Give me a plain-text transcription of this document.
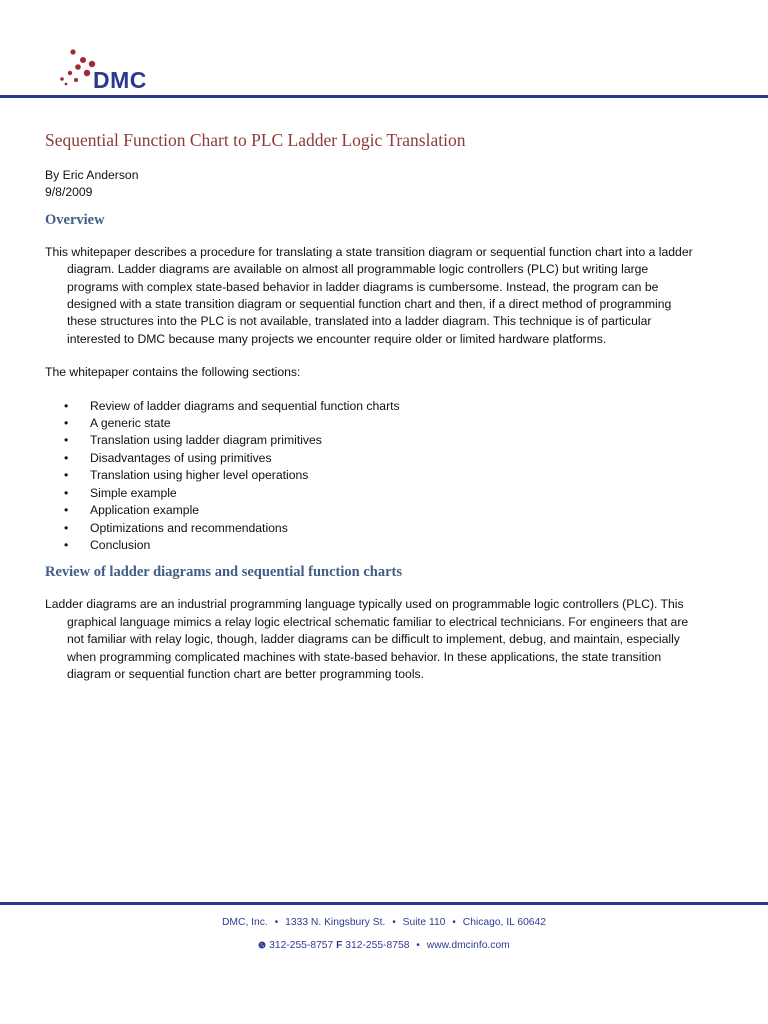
DMC
Sequential Function Chart to PLC Ladder Logic Translation

By Eric Anderson

9/8/2009

Overview

This whitepaper describes a procedure for translating a state transition diagram or sequential function chart into a ladder diagram. Ladder diagrams are available on almost all programmable logic controllers (PLC) but writing large programs with complex state-based behavior in ladder diagrams is cumbersome. Instead, the program can be designed with a state transition diagram or sequential function chart and then, if a direct method of programming these structures into the PLC is not available, translated into a ladder diagram. This technique is of particular interested to DMC because many projects we encounter require older or limited hardware platforms.

The whitepaper contains the following sections:

• Review of ladder diagrams and sequential function charts
• A generic state
• Translation using ladder diagram primitives
• Disadvantages of using primitives
• Translation using higher level operations
• Simple example
• Application example
• Optimizations and recommendations
• Conclusion
Review of ladder diagrams and sequential function charts

Ladder diagrams are an industrial programming language typically used on programmable logic controllers (PLC). This graphical language mimics a relay logic electrical schematic familiar to electrical technicians. For engineers that are not familiar with relay logic, though, ladder diagrams can be difficult to implement, debug, and maintain, especially when programming complicated machines with state-based behavior. In these applications, the state transition diagram or sequential function chart are better programming tools.

DMC, Inc. • 1333 N. Kingsbury St. • Suite 110 • Chicago, IL 60642
312-255-8757 F 312-255-8758 • www.dmcinfo.com
